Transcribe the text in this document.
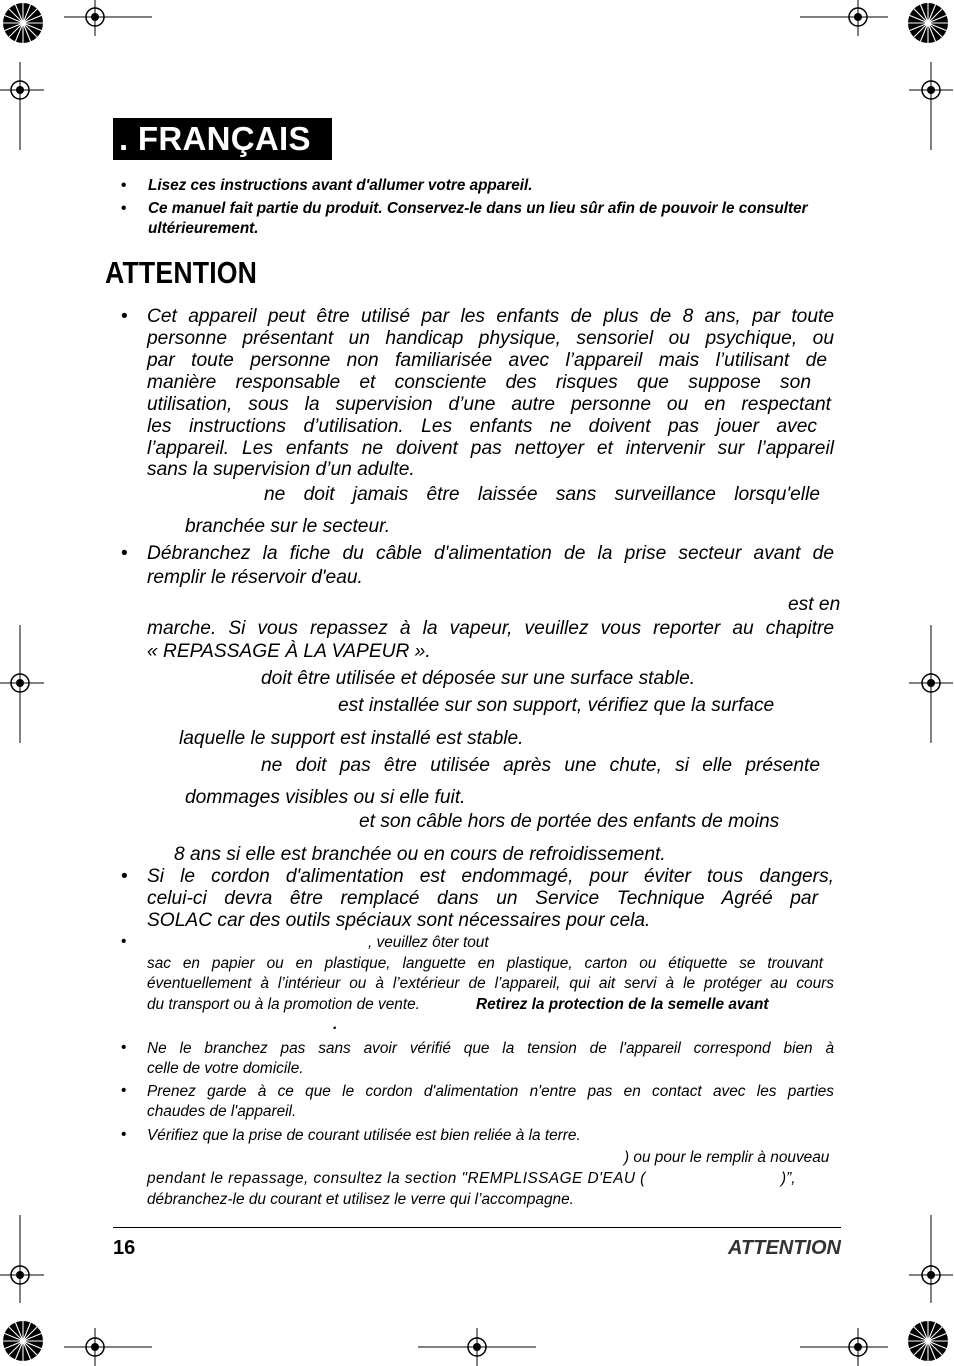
. FRANÇAIS
• Lisez ces instructions avant d'allumer votre appareil.
• Ce manuel fait partie du produit. Conservez-le dans un lieu sûr afin de pouvoir le consulter ultérieurement.
ATTENTION
•
•
•
•
•
•
•
Cet appareil peut être utilisé par les enfants de plus de 8 ans, par toute
personne présentant un handicap physique, sensoriel ou psychique, ou
par toute personne non familiarisée avec l’appareil mais l’utilisant de
manière responsable et consciente des risques que suppose son
utilisation, sous la supervision d’une autre personne ou en respectant
les instructions d’utilisation. Les enfants ne doivent pas jouer avec
l’appareil. Les enfants ne doivent pas nettoyer et intervenir sur l’appareil
sans la supervision d’un adulte.
ne doit jamais être laissée sans surveillance lorsqu'elle
branchée sur le secteur.
Débranchez la fiche du câble d'alimentation de la prise secteur avant de
remplir le réservoir d'eau.
est en
marche. Si vous repassez à la vapeur, veuillez vous reporter au chapitre
« REPASSAGE À LA VAPEUR ».
doit être utilisée et déposée sur une surface stable.
est installée sur son support, vérifiez que la surface
laquelle le support est installé est stable.
ne doit pas être utilisée après une chute, si elle présente
dommages visibles ou si elle fuit.
et son câble hors de portée des enfants de moins
8 ans si elle est branchée ou en cours de refroidissement.
Si le cordon d'alimentation est endommagé, pour éviter tous dangers,
celui-ci devra être remplacé dans un Service Technique Agréé par
SOLAC car des outils spéciaux sont nécessaires pour cela.
, veuillez ôter tout
sac en papier ou en plastique, languette en plastique, carton ou étiquette se trouvant
éventuellement à l’intérieur ou à l’extérieur de l’appareil, qui ait servi à le protéger au cours
du transport ou à la promotion de vente.	Retirez la protection de la semelle avant
.
Ne le branchez pas sans avoir vérifié que la tension de l'appareil correspond bien à
celle de votre domicile.
Prenez garde à ce que le cordon d'alimentation n'entre pas en contact avec les parties
chaudes de l'appareil.
Vérifiez que la prise de courant utilisée est bien reliée à la terre.
) ou pour le remplir à nouveau
pendant le repassage, consultez la section "REMPLISSAGE D'EAU (	)”,
débranchez-le du courant et utilisez le verre qui l’accompagne.
16	ATTENTION
